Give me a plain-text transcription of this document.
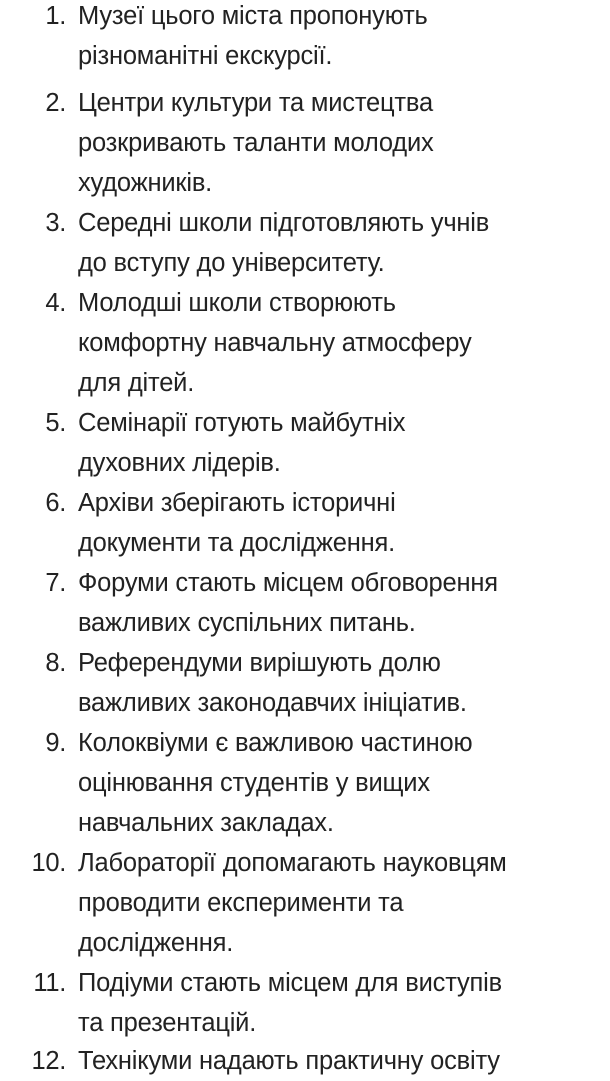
1. Музеї цього міста пропонують
різноманітні екскурсії.
2. Центри культури та мистецтва
розкривають таланти молодих
художників.
3. Середні школи підготовляють учнів
до вступу до університету.
4. Молодші школи створюють
комфортну навчальну атмосферу
для дітей.
5. Семінарії готують майбутніх
духовних лідерів.
6. Архіви зберігають історичні
документи та дослідження.
7. Форуми стають місцем обговорення
важливих суспільних питань.
8. Референдуми вирішують долю
важливих законодавчих ініціатив.
9. Колоквіуми є важливою частиною
оцінювання студентів у вищих
навчальних закладах.
10. Лабораторії допомагають науковцям
проводити експерименти та
дослідження.
11. Подіуми стають місцем для виступів
та презентацій.
12. Технікуми надають практичну освіту
